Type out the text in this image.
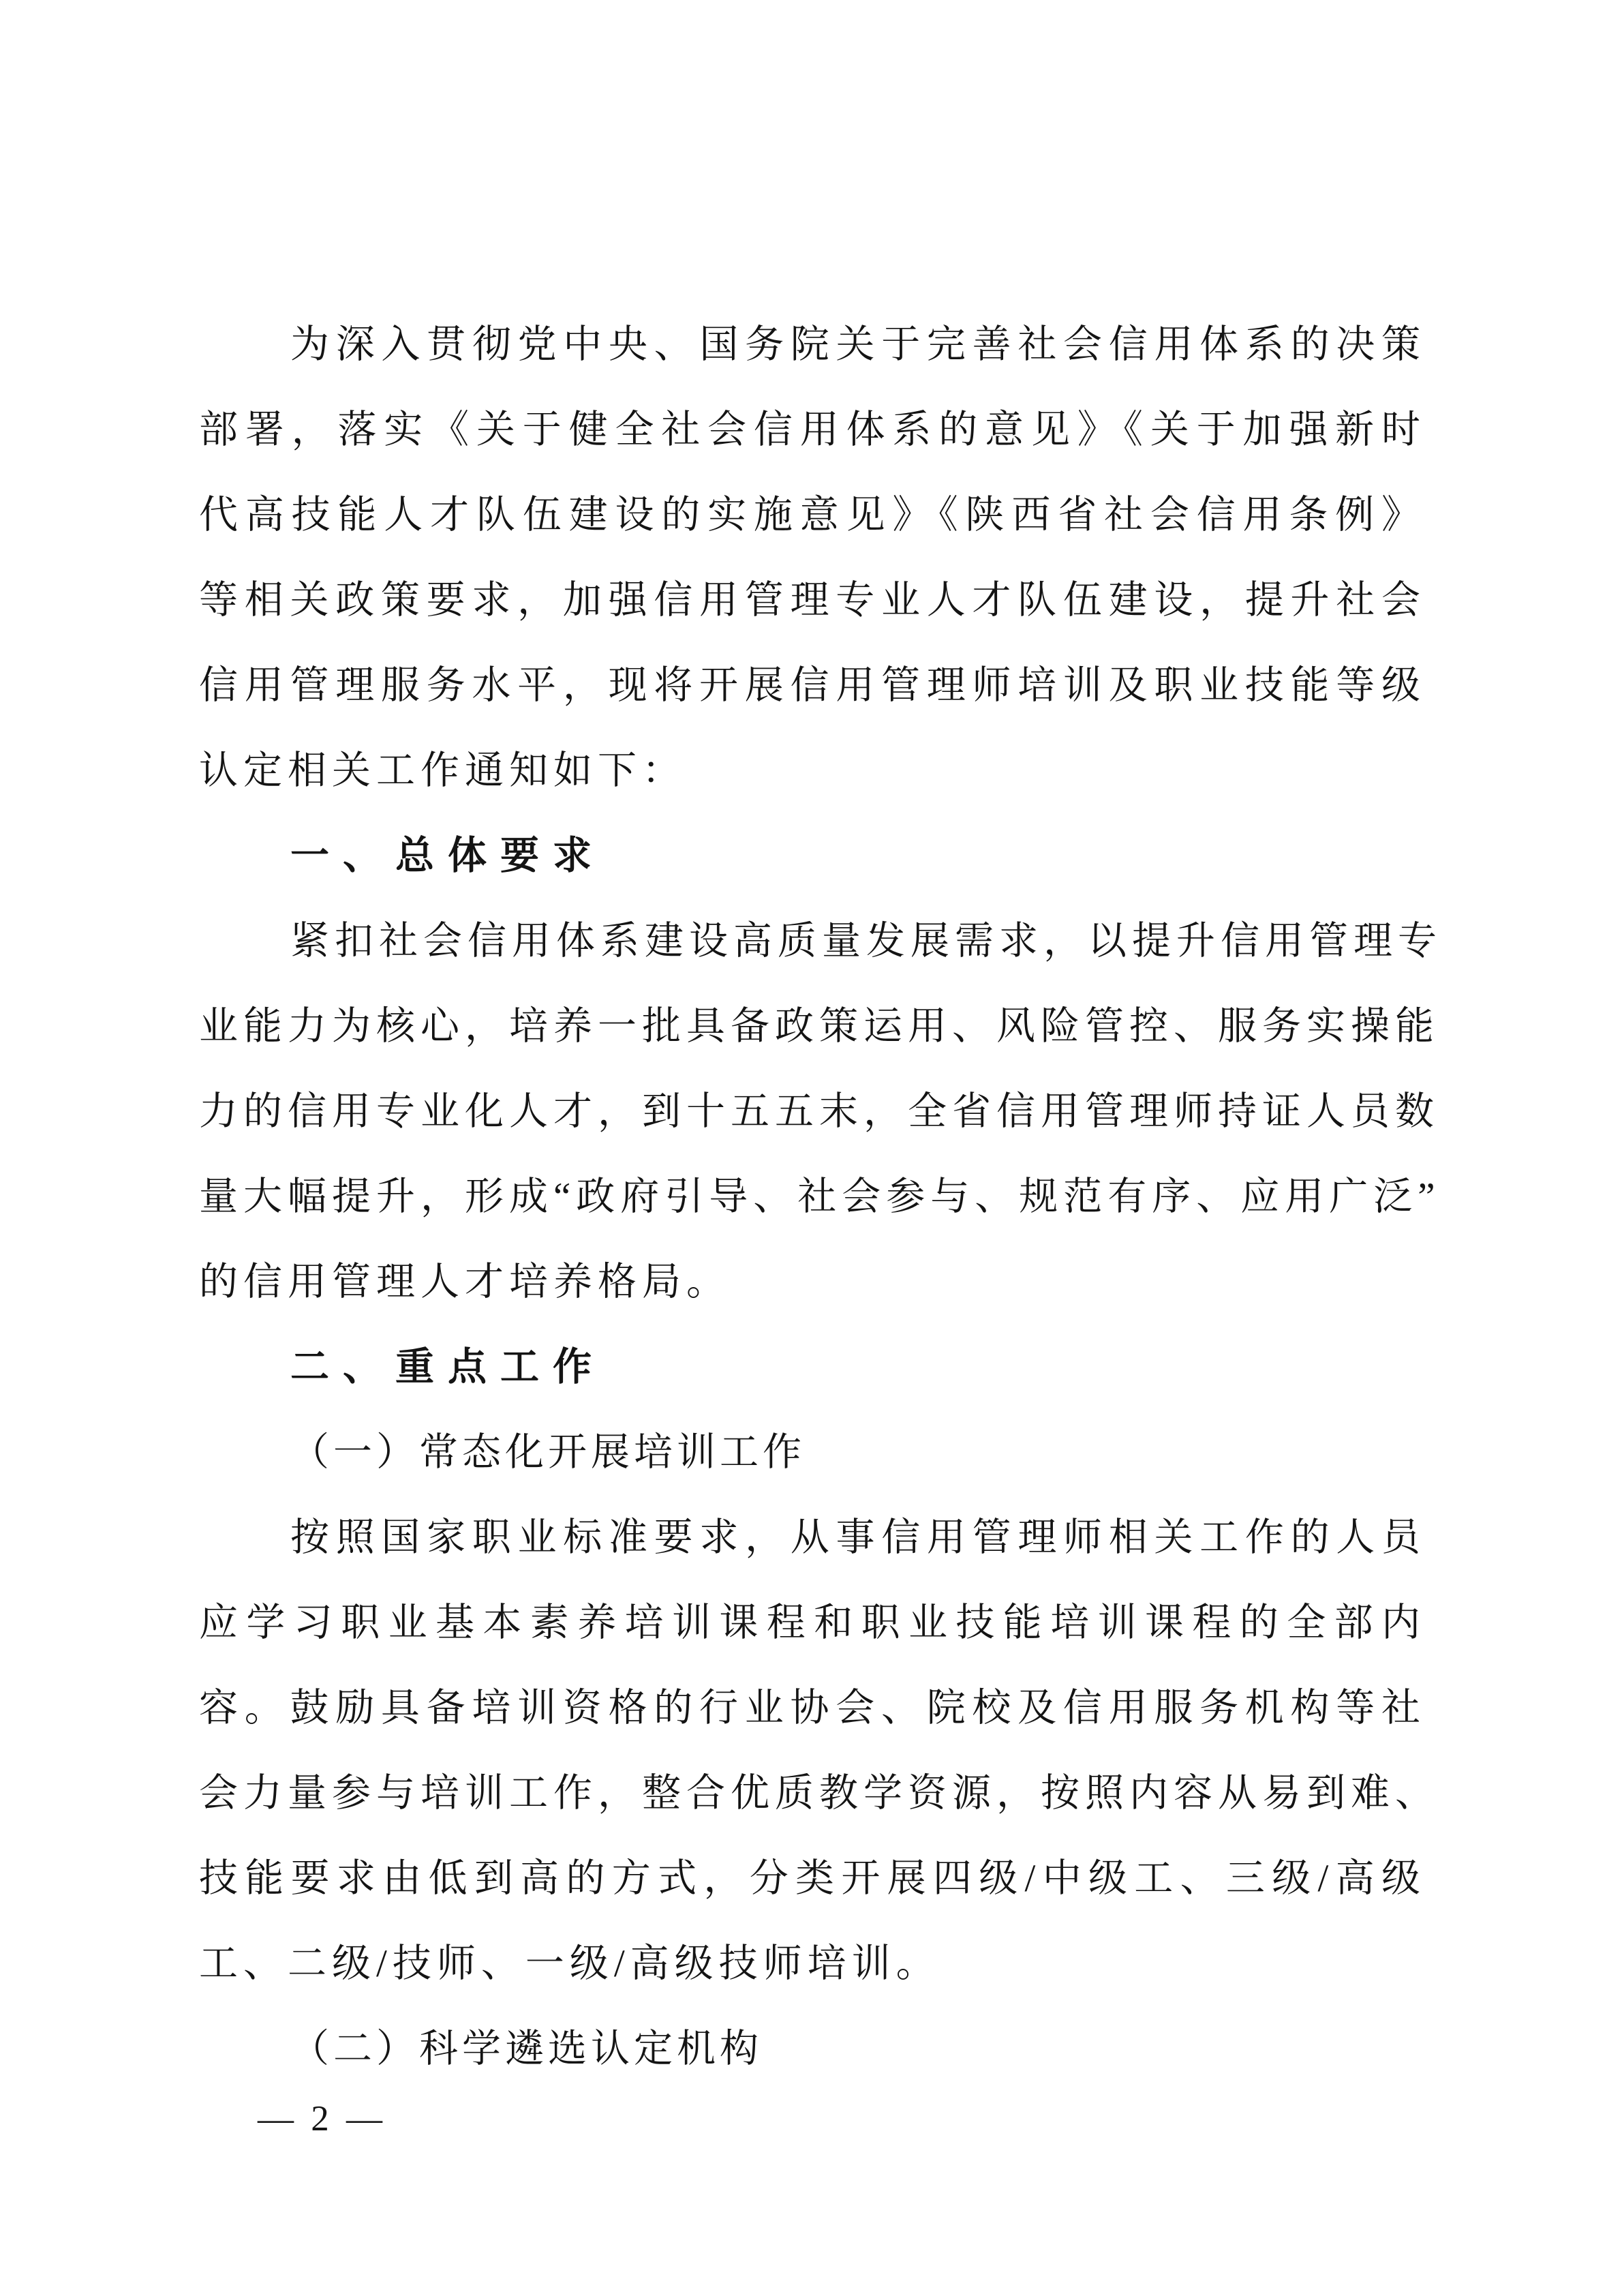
为深入贯彻党中央、国务院关于完善社会信用体系的决策
部署，落实《关于健全社会信用体系的意见》《关于加强新时
代高技能人才队伍建设的实施意见》《陕西省社会信用条例》
等相关政策要求，加强信用管理专业人才队伍建设，提升社会
信用管理服务水平，现将开展信用管理师培训及职业技能等级
认定相关工作通知如下：
一、总体要求
紧扣社会信用体系建设高质量发展需求，以提升信用管理专
业能力为核心，培养一批具备政策运用、风险管控、服务实操能
力的信用专业化人才，到十五五末，全省信用管理师持证人员数
量大幅提升，形成“政府引导、社会参与、规范有序、应用广泛”
的信用管理人才培养格局。
二、重点工作
（一）常态化开展培训工作
按照国家职业标准要求，从事信用管理师相关工作的人员
应学习职业基本素养培训课程和职业技能培训课程的全部内
容。鼓励具备培训资格的行业协会、院校及信用服务机构等社
会力量参与培训工作，整合优质教学资源，按照内容从易到难、
技能要求由低到高的方式，分类开展四级/中级工、三级/高级
工、二级/技师、一级/高级技师培训。
（二）科学遴选认定机构
— 2 —
